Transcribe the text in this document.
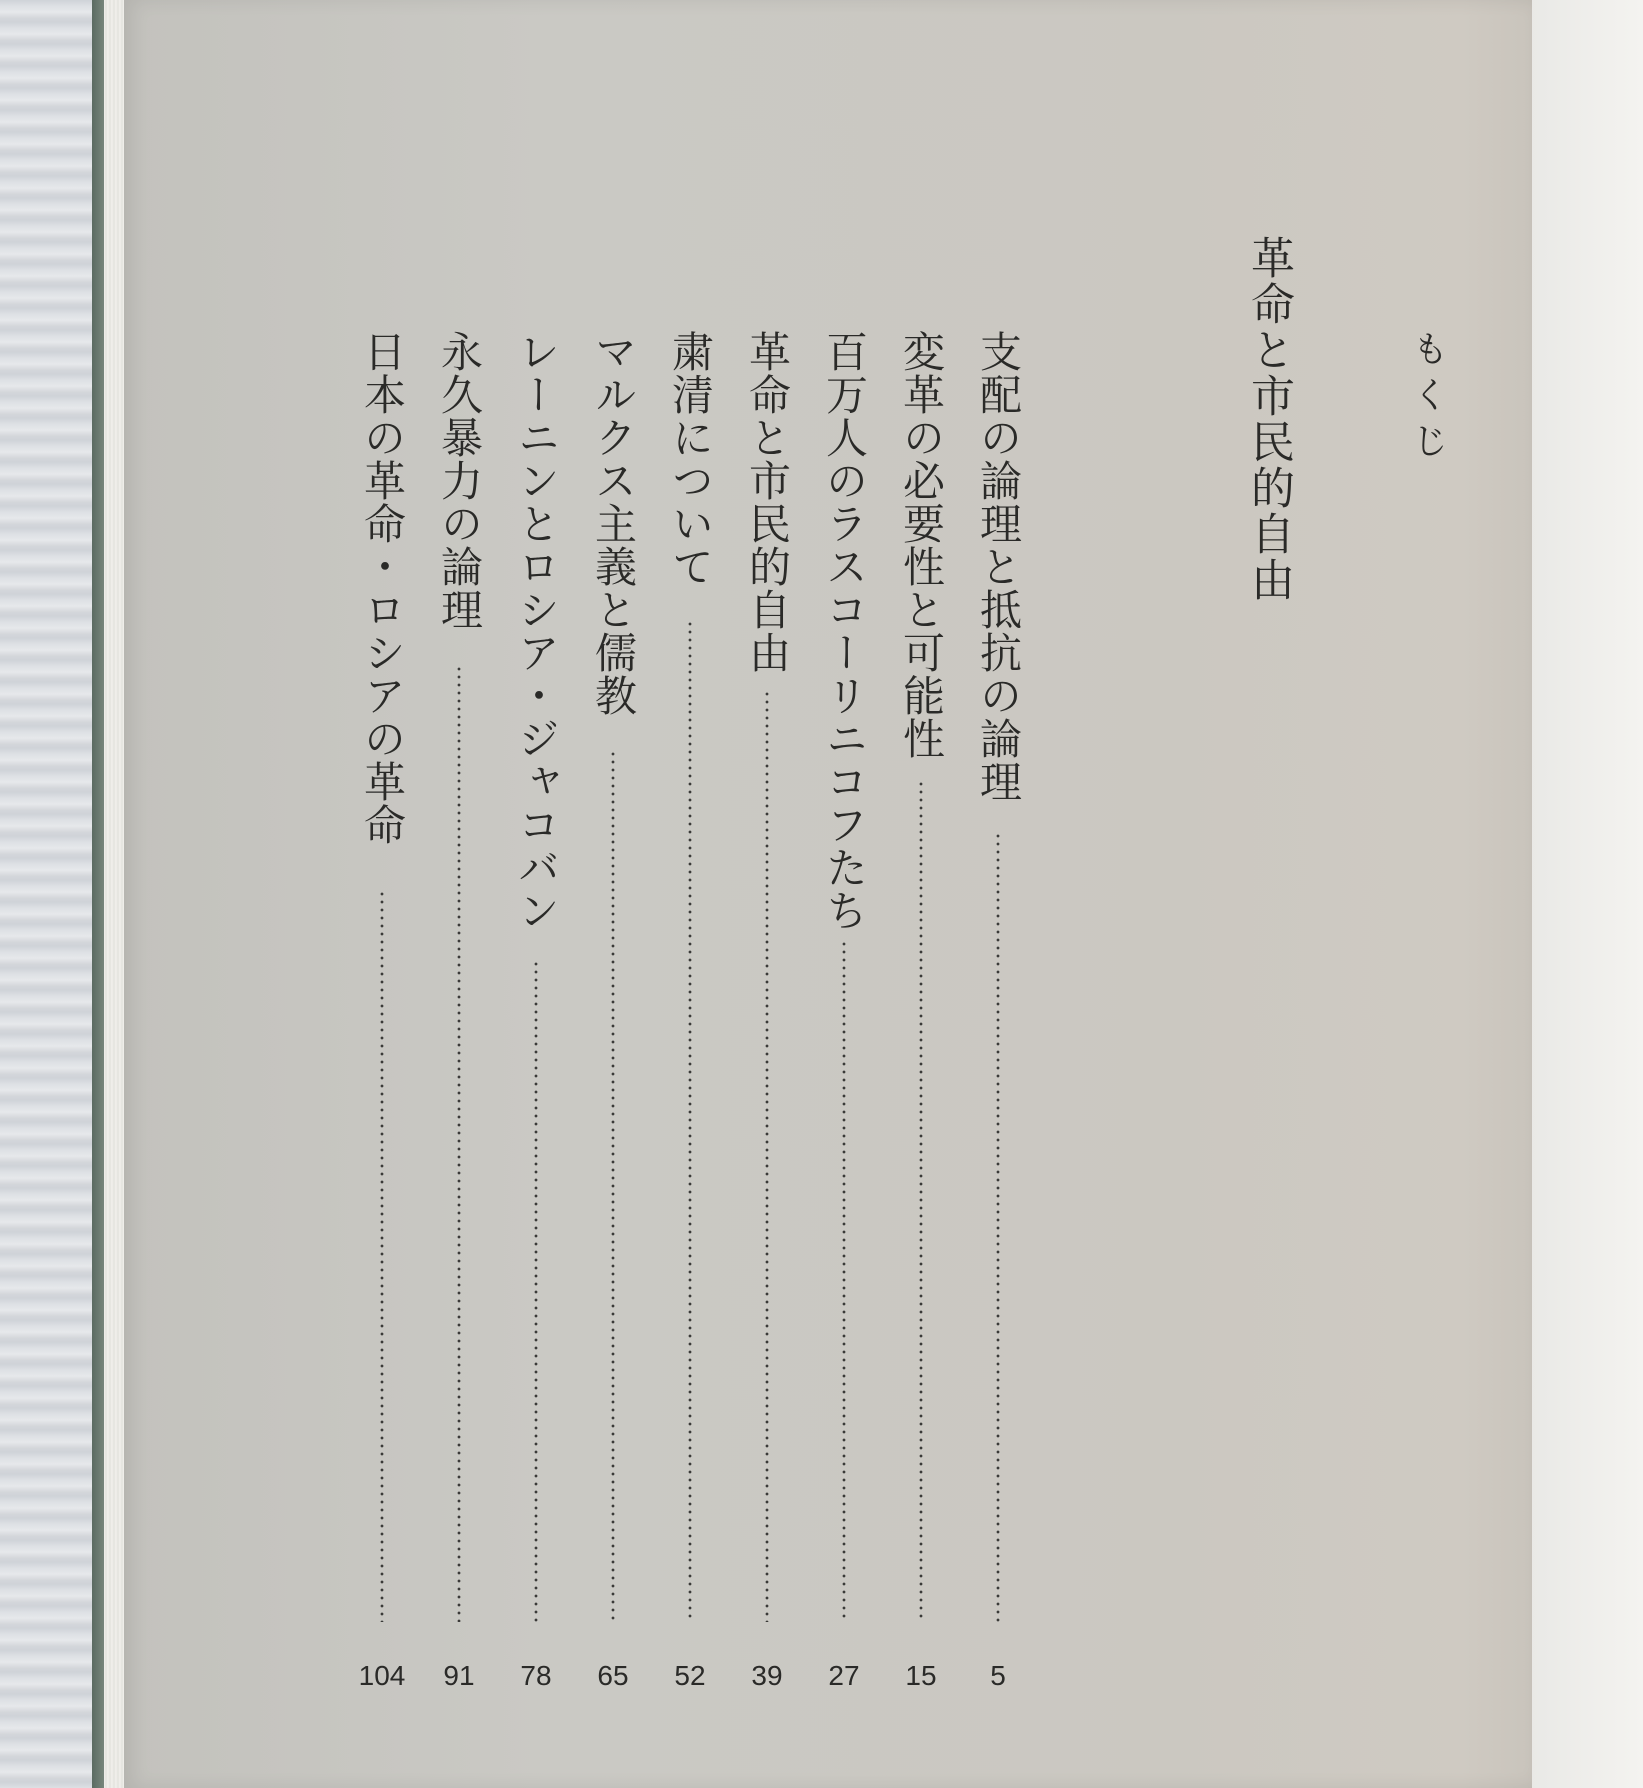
もくじ
革命と市民的自由
支配の論理と抵抗の論理
5
変革の必要性と可能性
15
百万人のラスコーリニコフたち
27
革命と市民的自由
39
粛清について
52
マルクス主義と儒教
65
レーニンとロシア・ジャコバン
78
永久暴力の論理
91
日本の革命・ロシアの革命
104
